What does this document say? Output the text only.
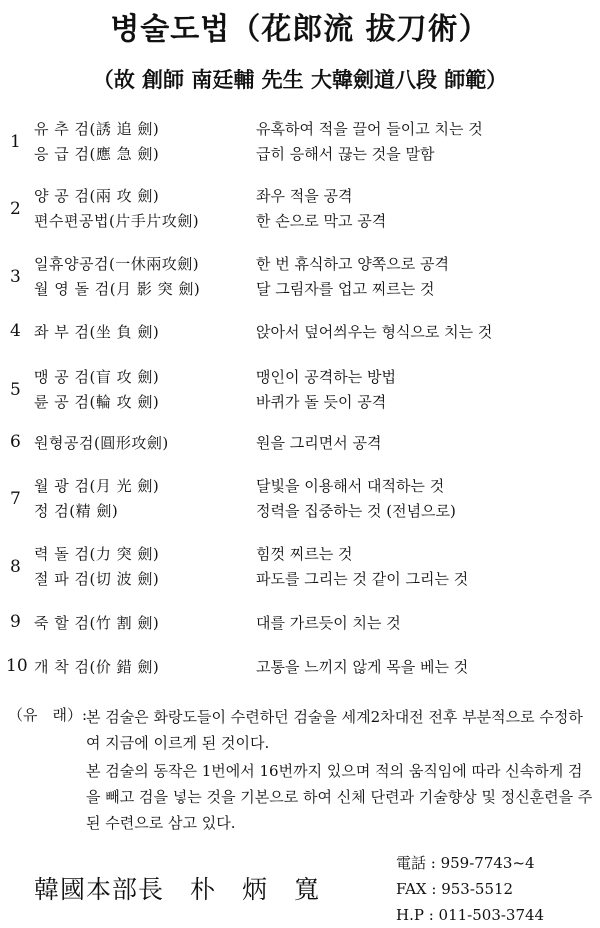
병술도법（花郎流 拔刀術）
（故 創師 南廷輔 先生 大韓劍道八段 師範）
1
유 추 검(誘 追 劍)	유혹하여 적을 끌어 들이고 치는 것
응 급 검(應 急 劍)	급히 응해서 끊는 것을 말함
2
양 공 검(兩 攻 劍)	좌우 적을 공격
편수편공법(片手片攻劍)	한 손으로 막고 공격
3
일휴양공검(一休兩攻劍)	한 번 휴식하고 양쪽으로 공격
월 영 돌 검(月 影 突 劍)	달 그림자를 업고 찌르는 것
4 좌 부 검(坐 負 劍)	앉아서 덮어씌우는 형식으로 치는 것
5
맹 공 검(盲 攻 劍)	맹인이 공격하는 방법
륜 공 검(輪 攻 劍)	바퀴가 돌 듯이 공격
6 원형공검(圓形攻劍)	원을 그리면서 공격
7
월 광 검(月 光 劍)	달빛을 이용해서 대적하는 것
정 검(精 劍)	정력을 집중하는 것 (전념으로)
8
력 돌 검(力 突 劍)	힘껏 찌르는 것
절 파 검(切 波 劍)	파도를 그리는 것 같이 그리는 것
9 죽 할 검(竹 割 劍)	대를 가르듯이 치는 것
10 개 착 검(价 錯 劍)	고통을 느끼지 않게 목을 베는 것
（유　래）:
본 검술은 화랑도들이 수련하던 검술을 세계2차대전 전후 부분적으로 수정하여 지금에 이르게 된 것이다.
본 검술의 동작은 1번에서 16번까지 있으며 적의 움직임에 따라 신속하게 검을 빼고 검을 넣는 것을 기본으로 하여 신체 단련과 기술향상 및 정신훈련을 주된 수련으로 삼고 있다.
韓國本部長　朴　炳　寬
電話 : 959-7743~4
FAX : 953-5512
H.P : 011-503-3744
